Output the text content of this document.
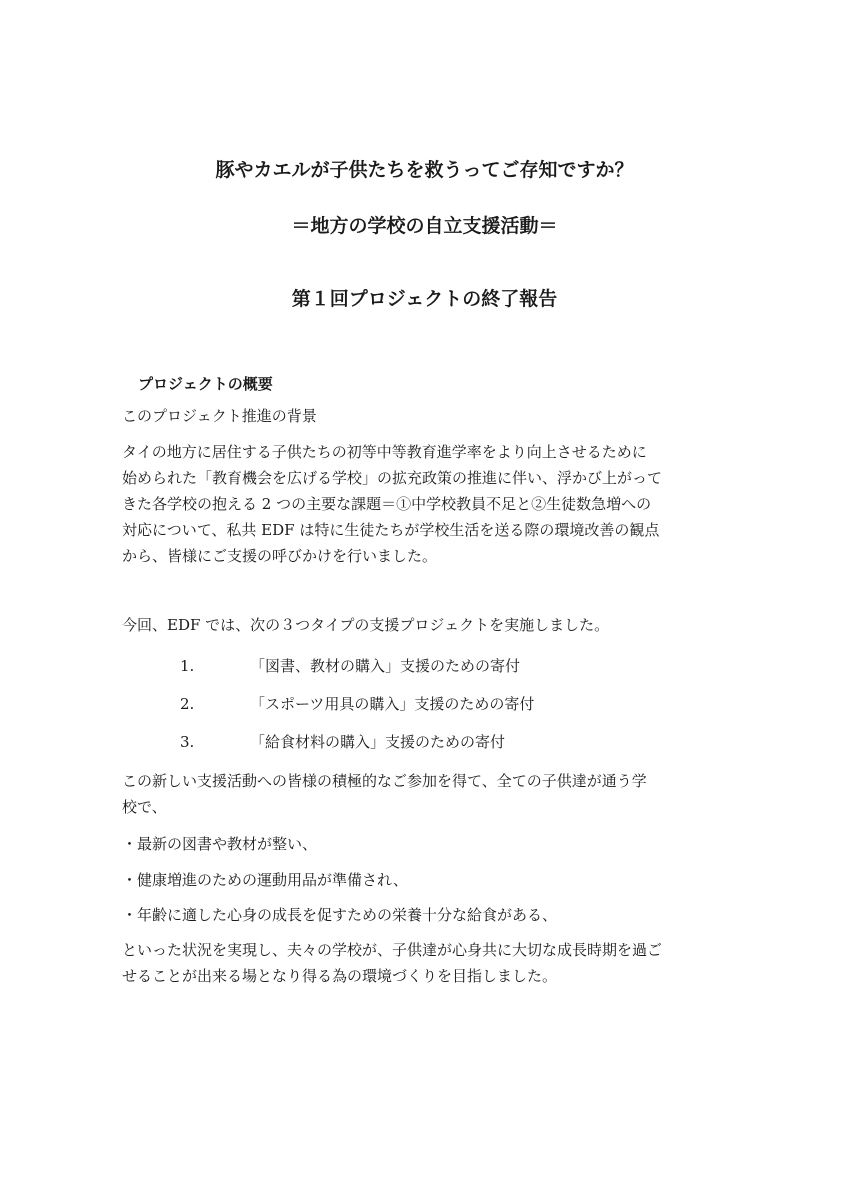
豚やカエルが子供たちを救うってご存知ですか？
＝地方の学校の自立支援活動＝
第１回プロジェクトの終了報告
プロジェクトの概要
このプロジェクト推進の背景
タイの地方に居住する子供たちの初等中等教育進学率をより向上させるために
始められた「教育機会を広げる学校」の拡充政策の推進に伴い、浮かび上がって
きた各学校の抱える 2 つの主要な課題＝①中学校教員不足と②生徒数急増への
対応について、私共 EDF は特に生徒たちが学校生活を送る際の環境改善の観点
から、皆様にご支援の呼びかけを行いました。
今回、EDF では、次の３つタイプの支援プロジェクトを実施しました。
1.	「図書、教材の購入」支援のための寄付
2.	「スポーツ用具の購入」支援のための寄付
3.	「給食材料の購入」支援のための寄付
この新しい支援活動への皆様の積極的なご参加を得て、全ての子供達が通う学
校で、
・最新の図書や教材が整い、
・健康増進のための運動用品が準備され、
・年齢に適した心身の成長を促すための栄養十分な給食がある、
といった状況を実現し、夫々の学校が、子供達が心身共に大切な成長時期を過ご
せることが出来る場となり得る為の環境づくりを目指しました。
